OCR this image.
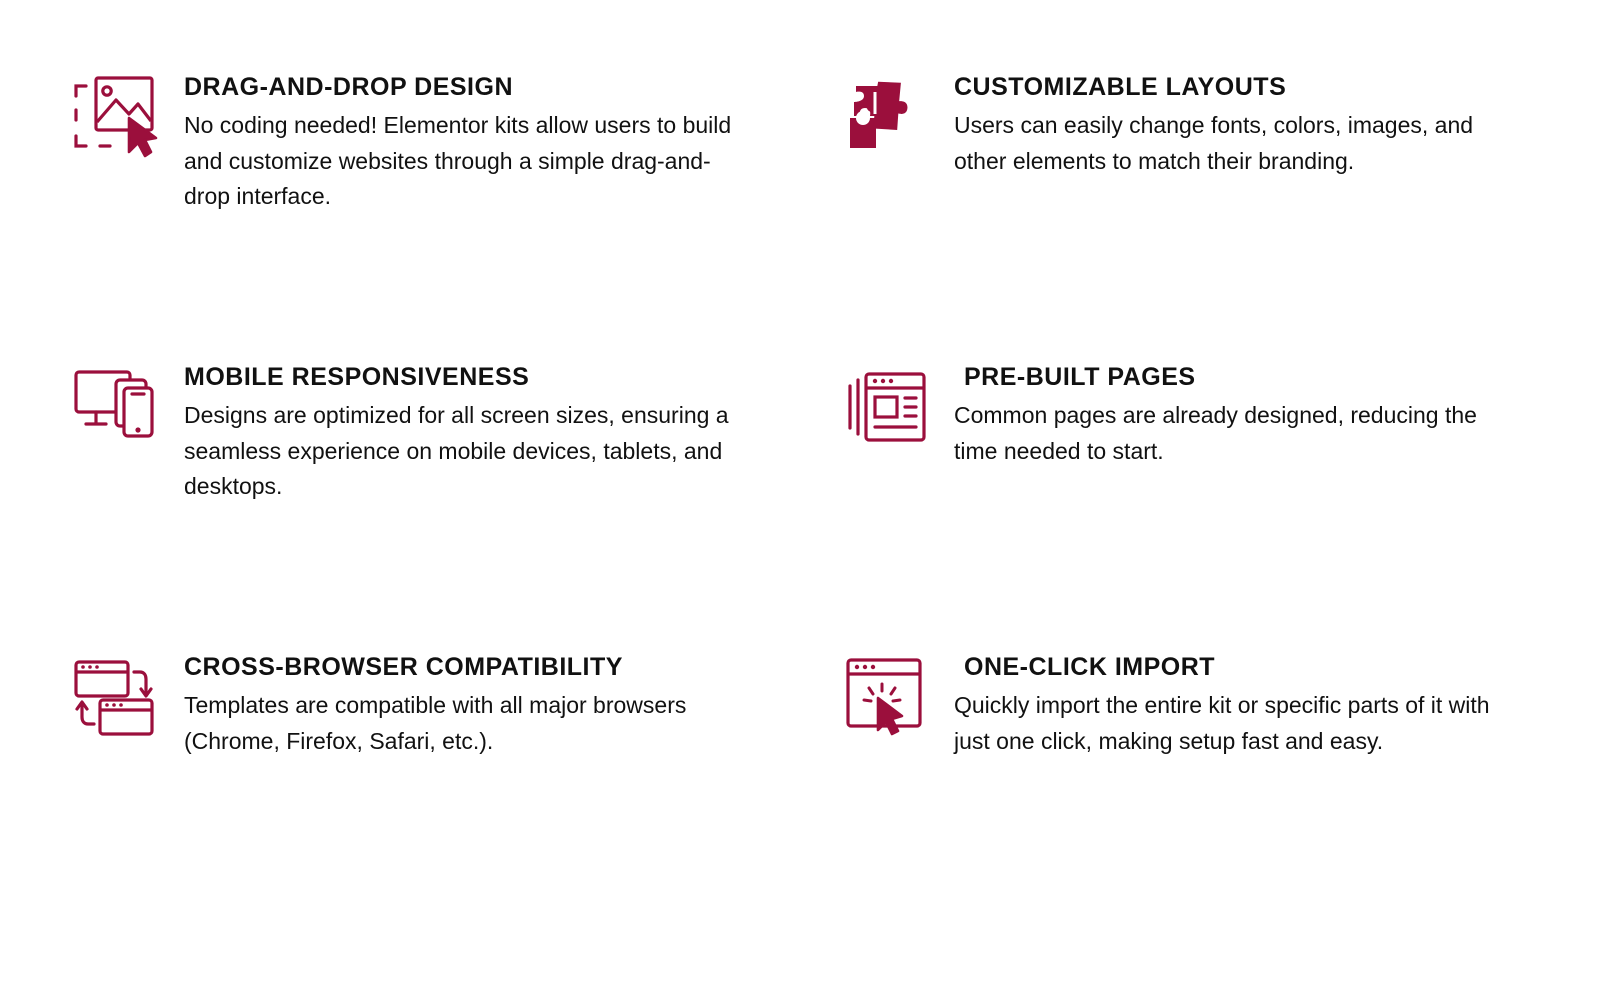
DRAG-AND-DROP DESIGN

No coding needed! Elementor kits allow users to build and customize websites through a simple drag-and-drop interface.

CUSTOMIZABLE LAYOUTS

Users can easily change fonts, colors, images, and other elements to match their branding.

MOBILE RESPONSIVENESS

Designs are optimized for all screen sizes, ensuring a seamless experience on mobile devices, tablets, and desktops.

PRE-BUILT PAGES

Common pages are already designed, reducing the time needed to start.

CROSS-BROWSER COMPATIBILITY

Templates are compatible with all major browsers (Chrome, Firefox, Safari, etc.).

ONE-CLICK IMPORT

Quickly import the entire kit or specific parts of it with just one click, making setup fast and easy.
